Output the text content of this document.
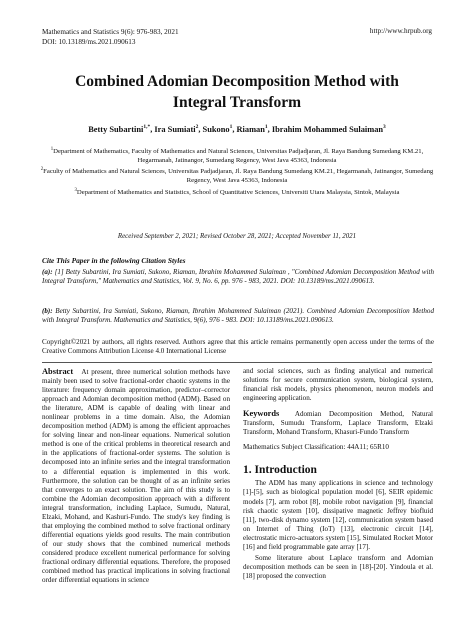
Mathematics and Statistics 9(6): 976-983, 2021
DOI: 10.13189/ms.2021.090613
http://www.hrpub.org
Combined Adomian Decomposition Method with
Integral Transform
Betty Subartini$^{1,*}$, Ira Sumiati$^2$, Sukono$^1$, Riaman$^1$, Ibrahim Mohammed Sulaiman$^3$

$^1$Department of Mathematics, Faculty of Mathematics and Natural Sciences, Universitas Padjadjaran, Jl. Raya Bandung Sumedang KM.21, Hegarmanah, Jatinangor, Sumedang Regency, West Java 45363, Indonesia

$^2$Faculty of Mathematics and Natural Sciences, Universitas Padjadjaran, Jl. Raya Bandung Sumedang KM.21, Hegarmanah, Jatinangor, Sumedang Regency, West Java 45363, Indonesia

$^3$Department of Mathematics and Statistics, School of Quantitative Sciences, Universiti Utara Malaysia, Sintok, Malaysia

Received September 2, 2021; Revised October 28, 2021; Accepted November 11, 2021
Cite This Paper in the following Citation Styles
(a): [1] Betty Subartini, Ira Sumiati, Sukono, Riaman, Ibrahim Mohammed Sulaiman , "Combined Adomian Decomposition Method with Integral Transform," Mathematics and Statistics, Vol. 9, No. 6, pp. 976 - 983, 2021. DOI: 10.13189/ms.2021.090613.
(b): Betty Subartini, Ira Sumiati, Sukono, Riaman, Ibrahim Mohammed Sulaiman (2021). Combined Adomian Decomposition Method with Integral Transform. Mathematics and Statistics, 9(6), 976 - 983. DOI: 10.13189/ms.2021.090613.
Copyright©2021 by authors, all rights reserved. Authors agree that this article remains permanently open access under the terms of the Creative Commons Attribution License 4.0 International License

Abstract At present, three numerical solution methods have mainly been used to solve fractional-order chaotic systems in the literature: frequency domain approximation, predictor–corrector approach and Adomian decomposition method (ADM). Based on the literature, ADM is capable of dealing with linear and nonlinear problems in a time domain. Also, the Adomian decomposition method (ADM) is among the efficient approaches for solving linear and non-linear equations. Numerical solution method is one of the critical problems in theoretical research and in the applications of fractional-order systems. The solution is decomposed into an infinite series and the integral transformation to a differential equation is implemented in this work. Furthermore, the solution can be thought of as an infinite series that converges to an exact solution. The aim of this study is to combine the Adomian decomposition approach with a different integral transformation, including Laplace, Sumudu, Natural, Elzaki, Mohand, and Kashuri-Fundo. The study's key finding is that employing the combined method to solve fractional ordinary differential equations yields good results. The main contribution of our study shows that the combined numerical methods considered produce excellent numerical performance for solving fractional ordinary differential equations. Therefore, the proposed combined method has practical implications in solving fractional order differential equations in science

and social sciences, such as finding analytical and numerical solutions for secure communication system, biological system, financial risk models, physics phenomenon, neuron models and engineering application.

Keywords Adomian Decomposition Method, Natural Transform, Sumudu Transform, Laplace Transform, Elzaki Transform, Mohand Transform, Khasuri-Fundo Transform

Mathematics Subject Classification: 44A11; 65R10

1. Introduction

The ADM has many applications in science and technology [1]-[5], such as biological population model [6], SEIR epidemic models [7], arm robot [8], mobile robot navigation [9], financial risk chaotic system [10], dissipative magnetic Jeffrey biofluid [11], two-disk dynamo system [12], communication system based on Internet of Thing (IoT) [13], electronic circuit [14], electrostatic micro-actuators system [15], Simulated Rocket Motor [16] and field programmable gate array [17].

Some literature about Laplace transform and Adomian decomposition methods can be seen in [18]-[20]. Yindoula et al. [18] proposed the convection
